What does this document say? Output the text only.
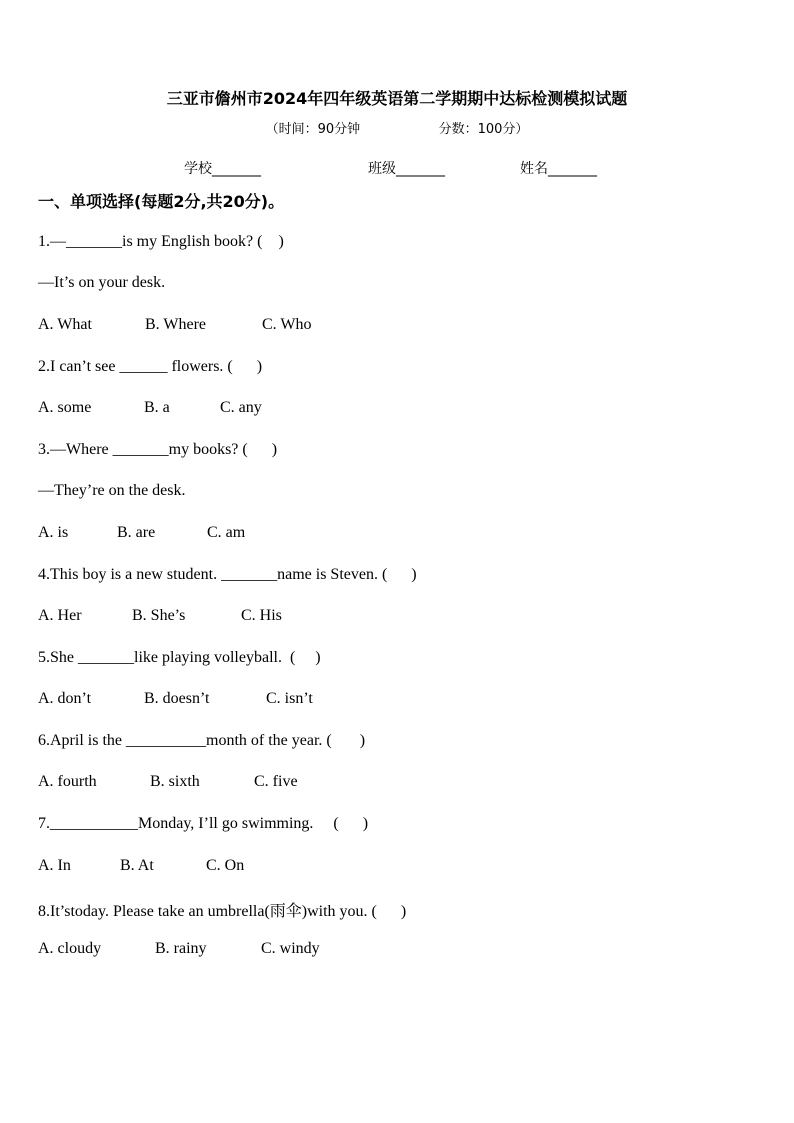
三亚市儋州市2024年四年级英语第二学期期中达标检测模拟试题
（时间：90分钟                   分数：100分）
学校_______	班级_______	姓名_______
一、单项选择(每题2分,共20分)。
1.—_______is my English book? (    )
—It’s on your desk.
A. What	B. Where	C. Who
2.I can’t see ______ flowers. (      )
A. some	B. a	C. any
3.—Where _______my books? (      )
—They’re on the desk.
A. is	B. are	C. am
4.This boy is a new student. _______name is Steven. (      )
A. Her	B. She’s	C. His
5.She _______like playing volleyball.  (     )
A. don’t	B. doesn’t	C. isn’t
6.April is the __________month of the year. (       )
A. fourth	B. sixth	C. five
7.___________Monday, I’ll go swimming.     (      )
A. In	B. At	C. On
8.It’stoday. Please take an umbrella(雨伞)with you. (      )
A. cloudy	B. rainy	C. windy
